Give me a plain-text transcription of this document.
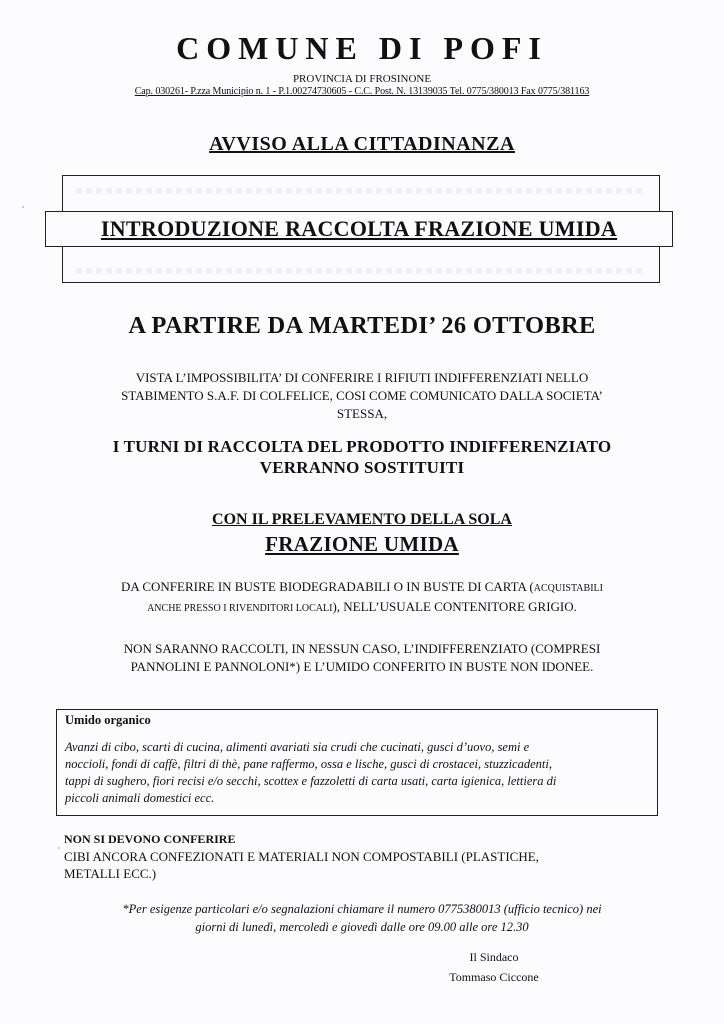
COMUNE DI POFI
PROVINCIA DI FROSINONE
Cap. 030261- P.zza Municipio n. 1 - P.1.00274730605 - C.C. Post. N. 13139035 Tel. 0775/380013 Fax 0775/381163
AVVISO ALLA CITTADINANZA
INTRODUZIONE RACCOLTA FRAZIONE UMIDA
A PARTIRE DA MARTEDI’ 26 OTTOBRE
VISTA L’IMPOSSIBILITA’ DI CONFERIRE I RIFIUTI INDIFFERENZIATI NELLO
STABIMENTO S.A.F. DI COLFELICE, COSI COME COMUNICATO DALLA SOCIETA’
STESSA,
I TURNI DI RACCOLTA DEL PRODOTTO INDIFFERENZIATO
VERRANNO SOSTITUITI
CON IL PRELEVAMENTO DELLA SOLA
FRAZIONE UMIDA
DA CONFERIRE IN BUSTE BIODEGRADABILI O IN BUSTE DI CARTA (ACQUISTABILI
ANCHE PRESSO I RIVENDITORI LOCALI), NELL’USUALE CONTENITORE GRIGIO.
NON SARANNO RACCOLTI, IN NESSUN CASO, L’INDIFFERENZIATO (COMPRESI
PANNOLINI E PANNOLONI*) E L’UMIDO CONFERITO IN BUSTE NON IDONEE.
Umido organico
Avanzi di cibo, scarti di cucina, alimenti avariati sia crudi che cucinati, gusci d’uovo, semi e
noccioli, fondi di caffè, filtri di thè, pane raffermo, ossa e lische, gusci di crostacei, stuzzicadenti,
tappi di sughero, fiori recisi e/o secchi, scottex e fazzoletti di carta usati, carta igienica, lettiera di
piccoli animali domestici ecc.
NON SI DEVONO CONFERIRE
CIBI ANCORA CONFEZIONATI E MATERIALI NON COMPOSTABILI (PLASTICHE,
METALLI ECC.)
*Per esigenze particolari e/o segnalazioni chiamare il numero 0775380013 (ufficio tecnico) nei
giorni di lunedì, mercoledì e giovedì dalle ore 09.00 alle ore 12.30
Il Sindaco
Tommaso Ciccone
